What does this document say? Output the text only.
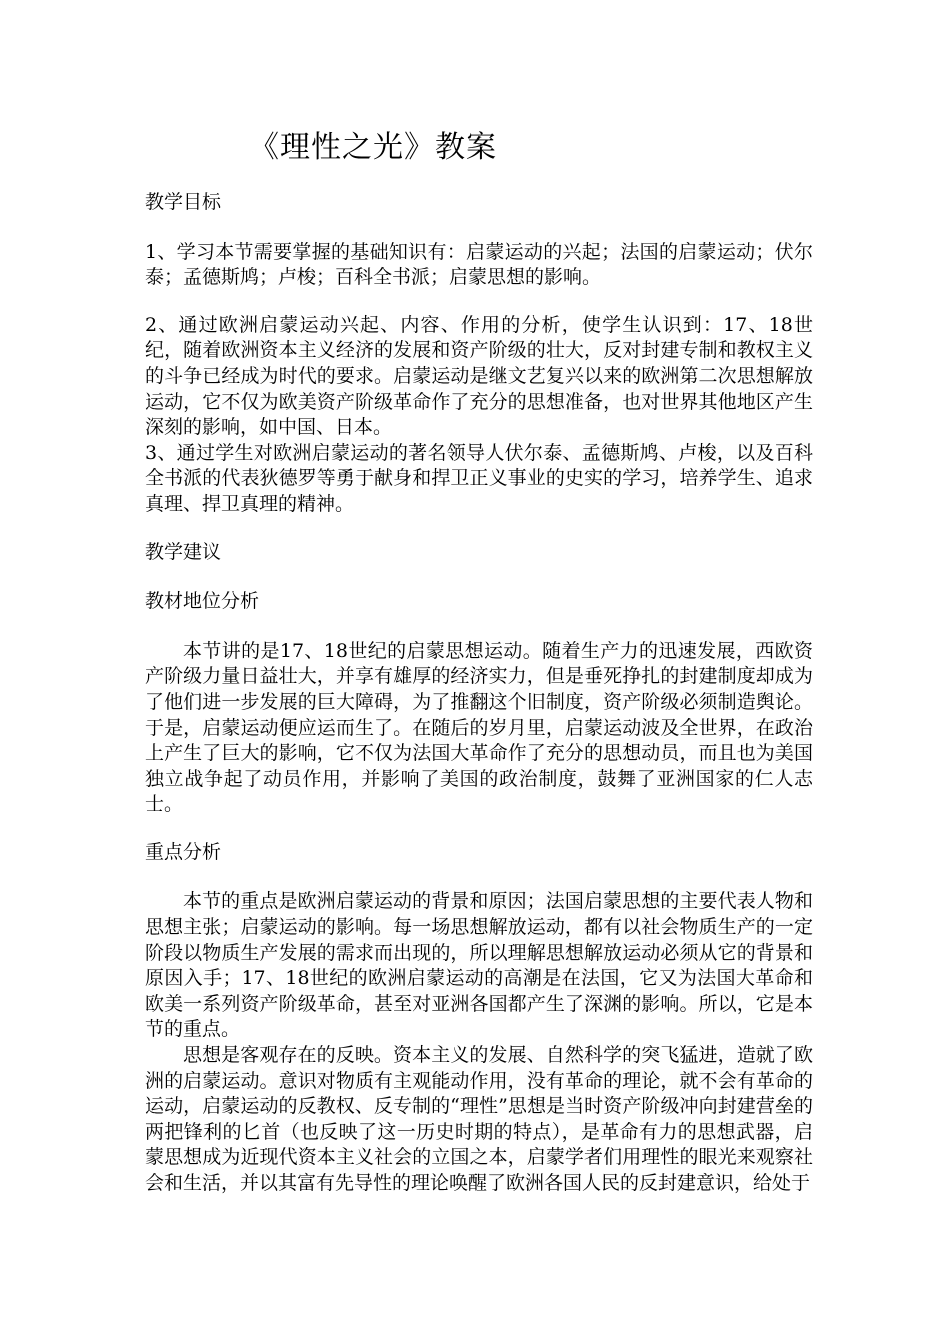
《理性之光》教案
教学目标

1、学习本节需要掌握的基础知识有：启蒙运动的兴起；法国的启蒙运动；伏尔泰；孟德斯鸠；卢梭；百科全书派；启蒙思想的影响。

2、通过欧洲启蒙运动兴起、内容、作用的分析，使学生认识到：17、18世纪，随着欧洲资本主义经济的发展和资产阶级的壮大，反对封建专制和教权主义的斗争已经成为时代的要求。启蒙运动是继文艺复兴以来的欧洲第二次思想解放运动，它不仅为欧美资产阶级革命作了充分的思想准备，也对世界其他地区产生深刻的影响，如中国、日本。

3、通过学生对欧洲启蒙运动的著名领导人伏尔泰、孟德斯鸠、卢梭，以及百科全书派的代表狄德罗等勇于献身和捍卫正义事业的史实的学习，培养学生、追求真理、捍卫真理的精神。

教学建议
教材地位分析

本节讲的是17、18世纪的启蒙思想运动。随着生产力的迅速发展，西欧资产阶级力量日益壮大，并享有雄厚的经济实力，但是垂死挣扎的封建制度却成为了他们进一步发展的巨大障碍，为了推翻这个旧制度，资产阶级必须制造舆论。于是，启蒙运动便应运而生了。在随后的岁月里，启蒙运动波及全世界，在政治上产生了巨大的影响，它不仅为法国大革命作了充分的思想动员，而且也为美国独立战争起了动员作用，并影响了美国的政治制度，鼓舞了亚洲国家的仁人志士。

重点分析

本节的重点是欧洲启蒙运动的背景和原因；法国启蒙思想的主要代表人物和思想主张；启蒙运动的影响。每一场思想解放运动，都有以社会物质生产的一定阶段以物质生产发展的需求而出现的，所以理解思想解放运动必须从它的背景和原因入手；17、18世纪的欧洲启蒙运动的高潮是在法国，它又为法国大革命和欧美一系列资产阶级革命，甚至对亚洲各国都产生了深渊的影响。所以，它是本节的重点。

思想是客观存在的反映。资本主义的发展、自然科学的突飞猛进，造就了欧洲的启蒙运动。意识对物质有主观能动作用，没有革命的理论，就不会有革命的运动，启蒙运动的反教权、反专制的“理性”思想是当时资产阶级冲向封建营垒的两把锋利的匕首（也反映了这一历史时期的特点），是革命有力的思想武器，启蒙思想成为近现代资本主义社会的立国之本，启蒙学者们用理性的眼光来观察社会和生活，并以其富有先导性的理论唤醒了欧洲各国人民的反封建意识，给处于
